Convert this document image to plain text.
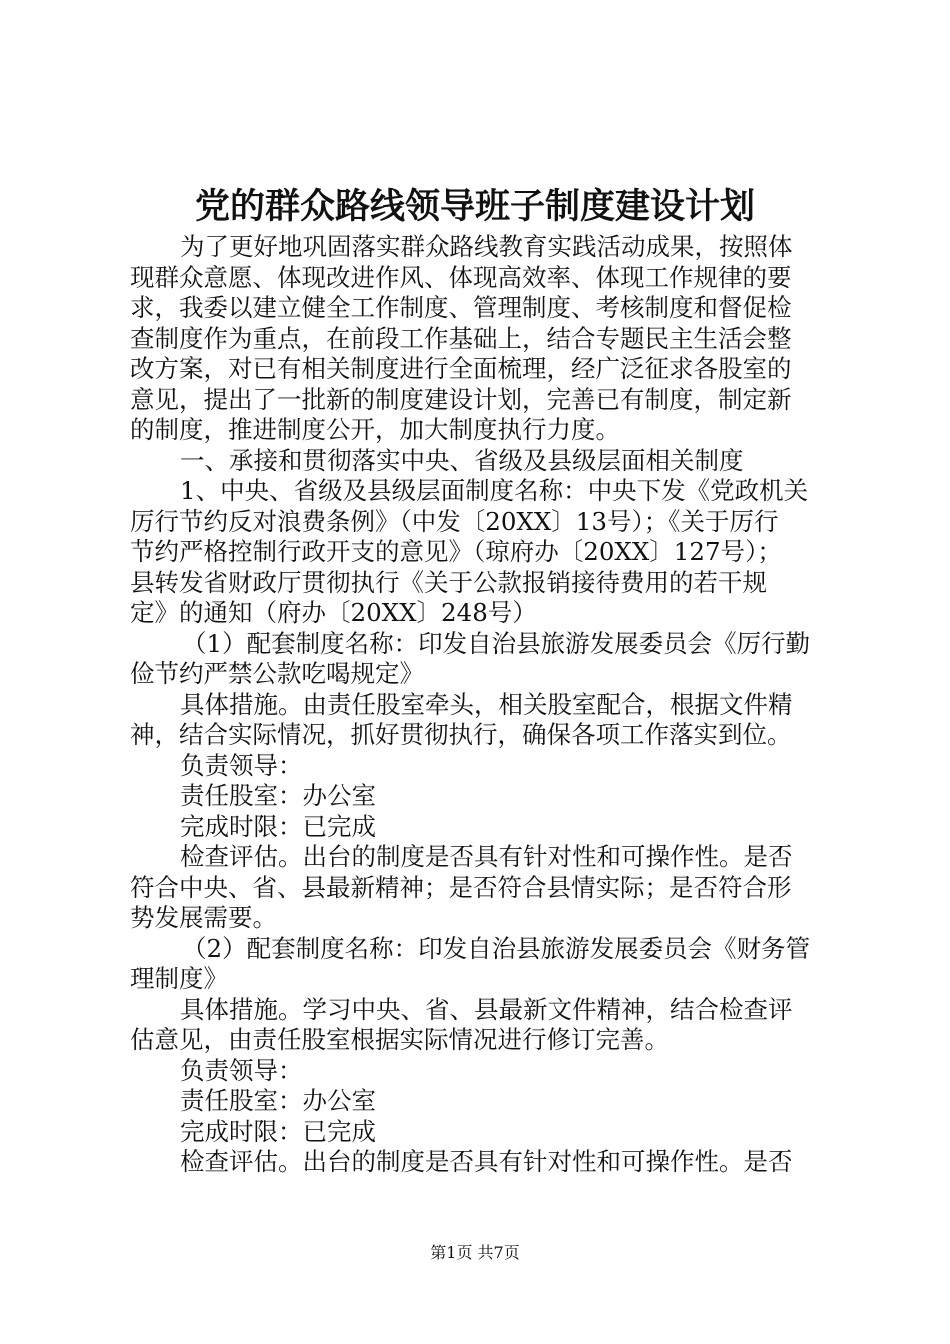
党的群众路线领导班子制度建设计划
为了更好地巩固落实群众路线教育实践活动成果，按照体
现群众意愿、体现改进作风、体现高效率、体现工作规律的要
求，我委以建立健全工作制度、管理制度、考核制度和督促检
查制度作为重点，在前段工作基础上，结合专题民主生活会整
改方案，对已有相关制度进行全面梳理，经广泛征求各股室的
意见，提出了一批新的制度建设计划，完善已有制度，制定新
的制度，推进制度公开，加大制度执行力度。
一、承接和贯彻落实中央、省级及县级层面相关制度
1、中央、省级及县级层面制度名称：中央下发《党政机关
厉行节约反对浪费条例》（中发〔20XX〕13号）；《关于厉行
节约严格控制行政开支的意见》（琼府办〔20XX〕127号）；
县转发省财政厅贯彻执行《关于公款报销接待费用的若干规
定》的通知（府办〔20XX〕248号）
（1）配套制度名称：印发自治县旅游发展委员会《厉行勤
俭节约严禁公款吃喝规定》
具体措施。由责任股室牵头，相关股室配合，根据文件精
神，结合实际情况，抓好贯彻执行，确保各项工作落实到位。
负责领导：
责任股室：办公室
完成时限：已完成
检查评估。出台的制度是否具有针对性和可操作性。是否
符合中央、省、县最新精神；是否符合县情实际；是否符合形
势发展需要。
（2）配套制度名称：印发自治县旅游发展委员会《财务管
理制度》
具体措施。学习中央、省、县最新文件精神，结合检查评
估意见，由责任股室根据实际情况进行修订完善。
负责领导：
责任股室：办公室
完成时限：已完成
检查评估。出台的制度是否具有针对性和可操作性。是否
第1页 共7页
